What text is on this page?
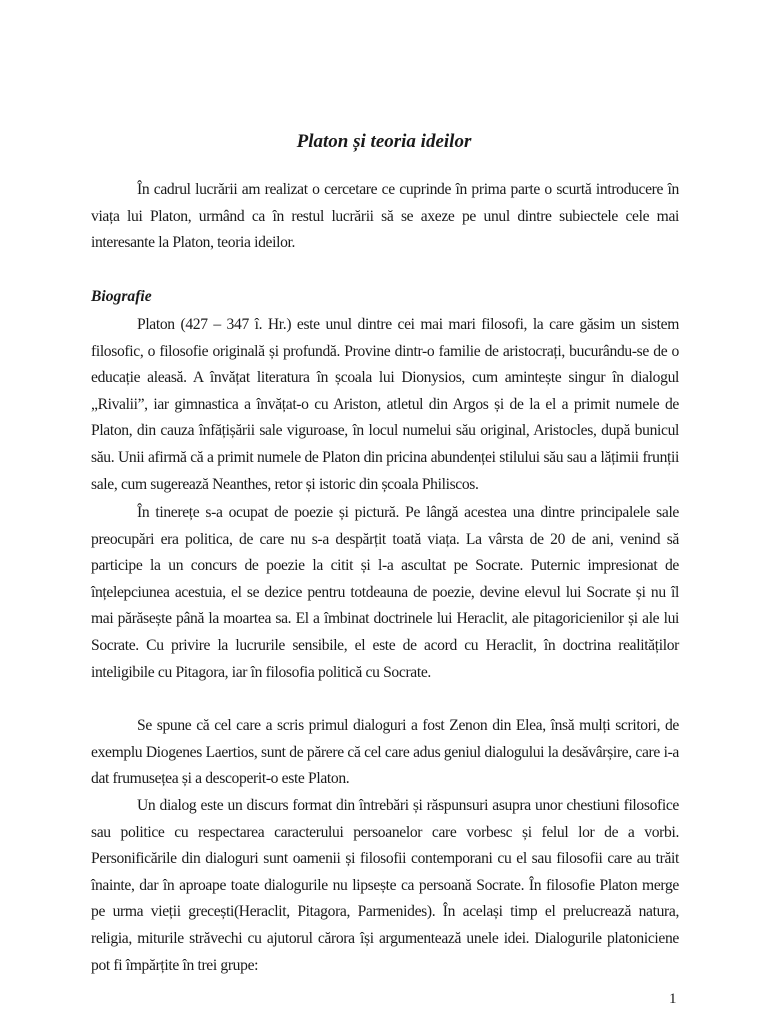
Platon și teoria ideilor

În cadrul lucrării am realizat o cercetare ce cuprinde în prima parte o scurtă introducere în viața lui Platon, urmând ca în restul lucrării să se axeze pe unul dintre subiectele cele mai interesante la Platon, teoria ideilor.

Biografie

Platon (427 – 347 î. Hr.) este unul dintre cei mai mari filosofi, la care găsim un sistem filosofic, o filosofie originală și profundă. Provine dintr-o familie de aristocrați, bucurându-se de o educație aleasă. A învățat literatura în școala lui Dionysios, cum amintește singur în dialogul „Rivalii”, iar gimnastica a învățat-o cu Ariston, atletul din Argos și de la el a primit numele de Platon, din cauza înfățișării sale viguroase, în locul numelui său original, Aristocles, după bunicul său. Unii afirmă că a primit numele de Platon din pricina abundenței stilului său sau a lățimii frunții sale, cum sugerează Neanthes, retor și istoric din școala Philiscos.

În tinerețe s-a ocupat de poezie și pictură. Pe lângă acestea una dintre principalele sale preocupări era politica, de care nu s-a despărțit toată viața. La vârsta de 20 de ani, venind să participe la un concurs de poezie la citit și l-a ascultat pe Socrate. Puternic impresionat de înțelepciunea acestuia, el se dezice pentru totdeauna de poezie, devine elevul lui Socrate și nu îl mai părăsește până la moartea sa. El a îmbinat doctrinele lui Heraclit, ale pitagoricienilor și ale lui Socrate. Cu privire la lucrurile sensibile, el este de acord cu Heraclit, în doctrina realităților inteligibile cu Pitagora, iar în filosofia politică cu Socrate.

Se spune că cel care a scris primul dialoguri a fost Zenon din Elea, însă mulți scritori, de exemplu Diogenes Laertios, sunt de părere că cel care adus geniul dialogului la desăvârșire, care i-a dat frumusețea și a descoperit-o este Platon.

Un dialog este un discurs format din întrebări și răspunsuri asupra unor chestiuni filosofice sau politice cu respectarea caracterului persoanelor care vorbesc și felul lor de a vorbi. Personificările din dialoguri sunt oamenii și filosofii contemporani cu el sau filosofii care au trăit înainte, dar în aproape toate dialogurile nu lipsește ca persoană Socrate. În filosofie Platon merge pe urma vieții grecești(Heraclit, Pitagora, Parmenides). În același timp el prelucrează natura, religia, miturile străvechi cu ajutorul cărora își argumentează unele idei. Dialogurile platoniciene pot fi împărțite în trei grupe:

1
